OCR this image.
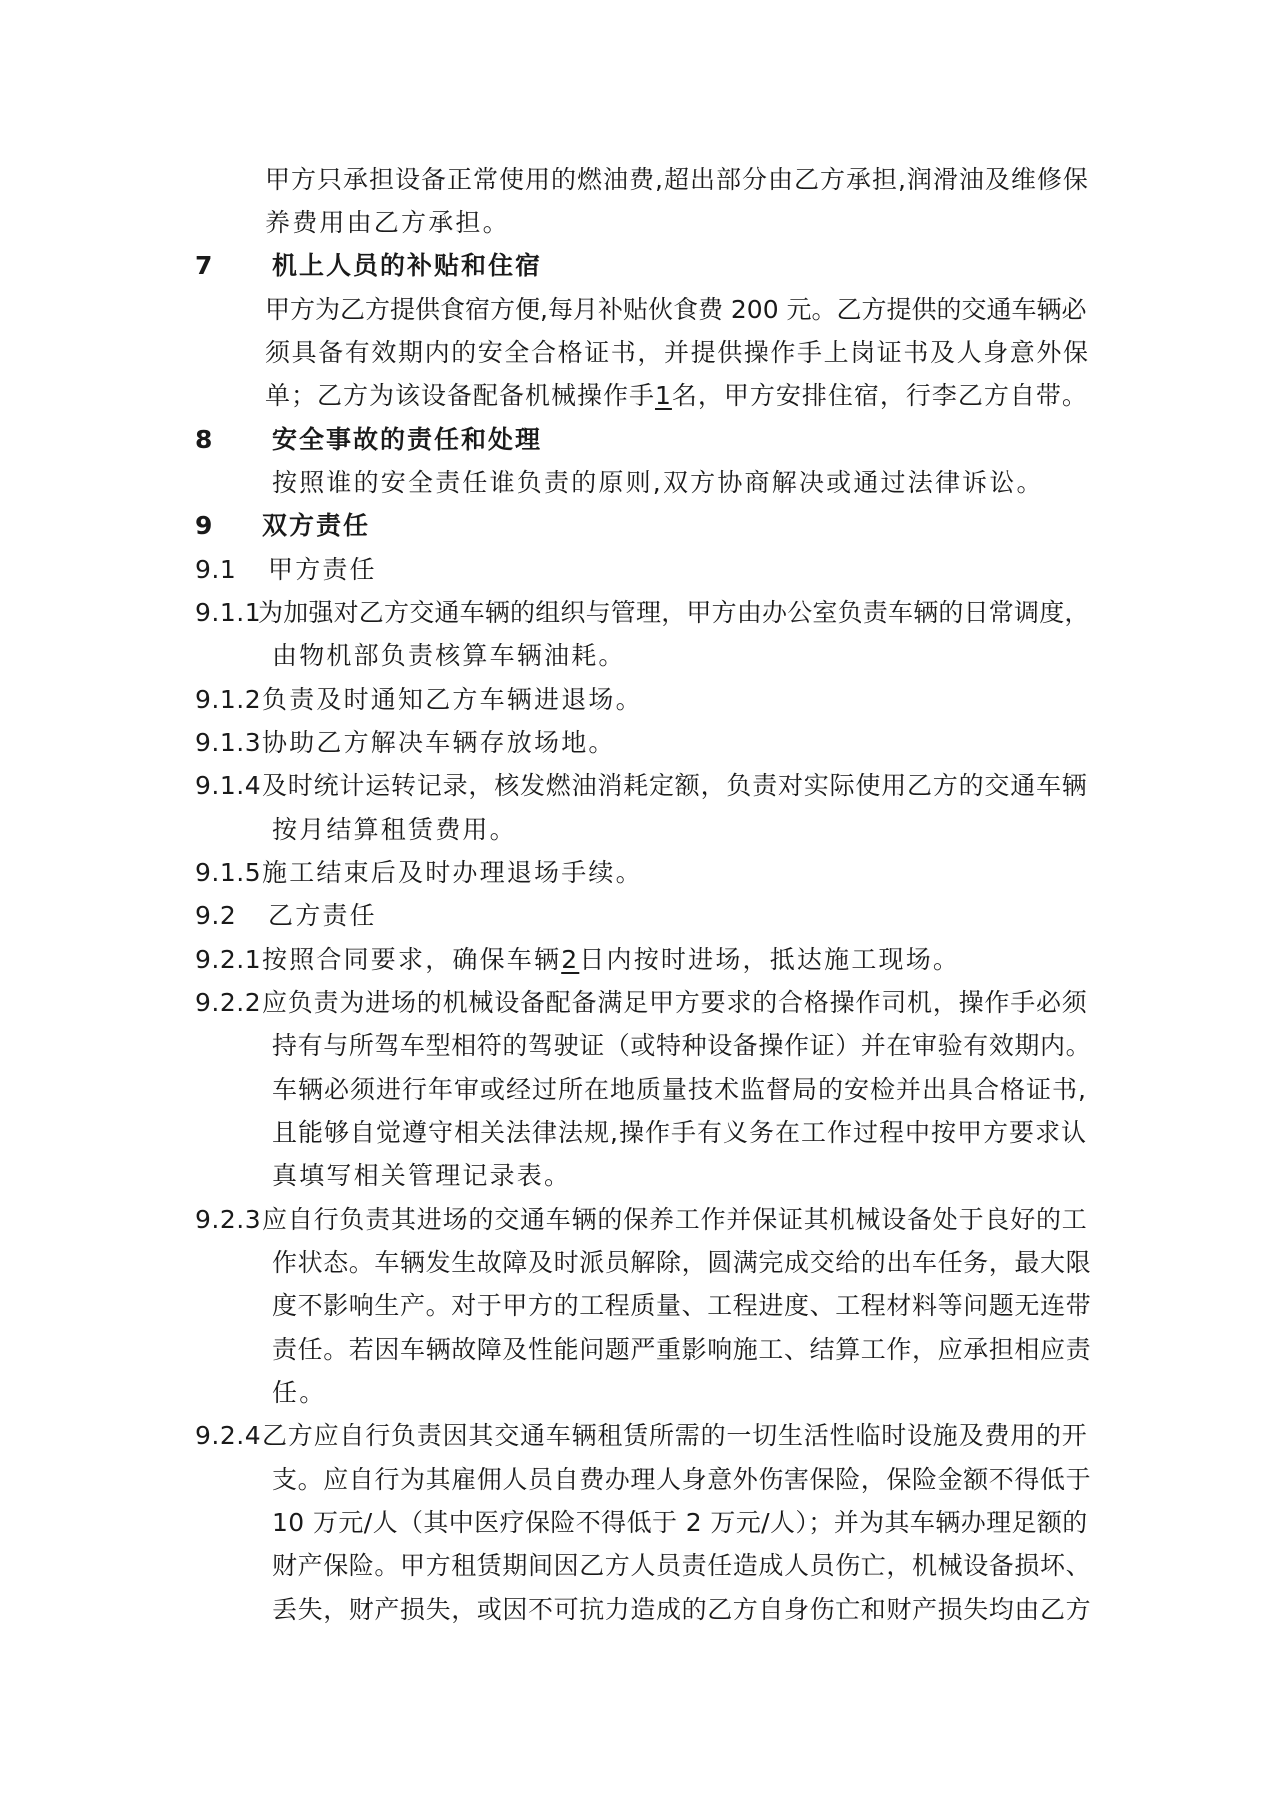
甲方只承担设备正常使用的燃油费,超出部分由乙方承担,润滑油及维修保
养费用由乙方承担。
7 机上人员的补贴和住宿
甲方为乙方提供食宿方便,每月补贴伙食费 200 元。乙方提供的交通车辆必
须具备有效期内的安全合格证书，并提供操作手上岗证书及人身意外保
单；乙方为该设备配备机械操作手1名，甲方安排住宿，行李乙方自带。
8 安全事故的责任和处理
按照谁的安全责任谁负责的原则,双方协商解决或通过法律诉讼。
9 双方责任
9.1 甲方责任
9.1.1
为加强对乙方交通车辆的组织与管理，甲方由办公室负责车辆的日常调度，
由物机部负责核算车辆油耗。
9.1.2 负责及时通知乙方车辆进退场。
9.1.3 协助乙方解决车辆存放场地。
9.1.4 及时统计运转记录，核发燃油消耗定额，负责对实际使用乙方的交通车辆
按月结算租赁费用。
9.1.5 施工结束后及时办理退场手续。
9.2 乙方责任
9.2.1 按照合同要求，确保车辆2日内按时进场，抵达施工现场。
9.2.2 应负责为进场的机械设备配备满足甲方要求的合格操作司机，操作手必须
持有与所驾车型相符的驾驶证（或特种设备操作证）并在审验有效期内。
车辆必须进行年审或经过所在地质量技术监督局的安检并出具合格证书,
且能够自觉遵守相关法律法规,操作手有义务在工作过程中按甲方要求认
真填写相关管理记录表。
9.2.3 应自行负责其进场的交通车辆的保养工作并保证其机械设备处于良好的工
作状态。车辆发生故障及时派员解除，圆满完成交给的出车任务，最大限
度不影响生产。对于甲方的工程质量、工程进度、工程材料等问题无连带
责任。若因车辆故障及性能问题严重影响施工、结算工作，应承担相应责
任。
9.2.4 乙方应自行负责因其交通车辆租赁所需的一切生活性临时设施及费用的开
支。应自行为其雇佣人员自费办理人身意外伤害保险，保险金额不得低于
10 万元/人（其中医疗保险不得低于 2 万元/人）；并为其车辆办理足额的
财产保险。甲方租赁期间因乙方人员责任造成人员伤亡，机械设备损坏、
丢失，财产损失，或因不可抗力造成的乙方自身伤亡和财产损失均由乙方
